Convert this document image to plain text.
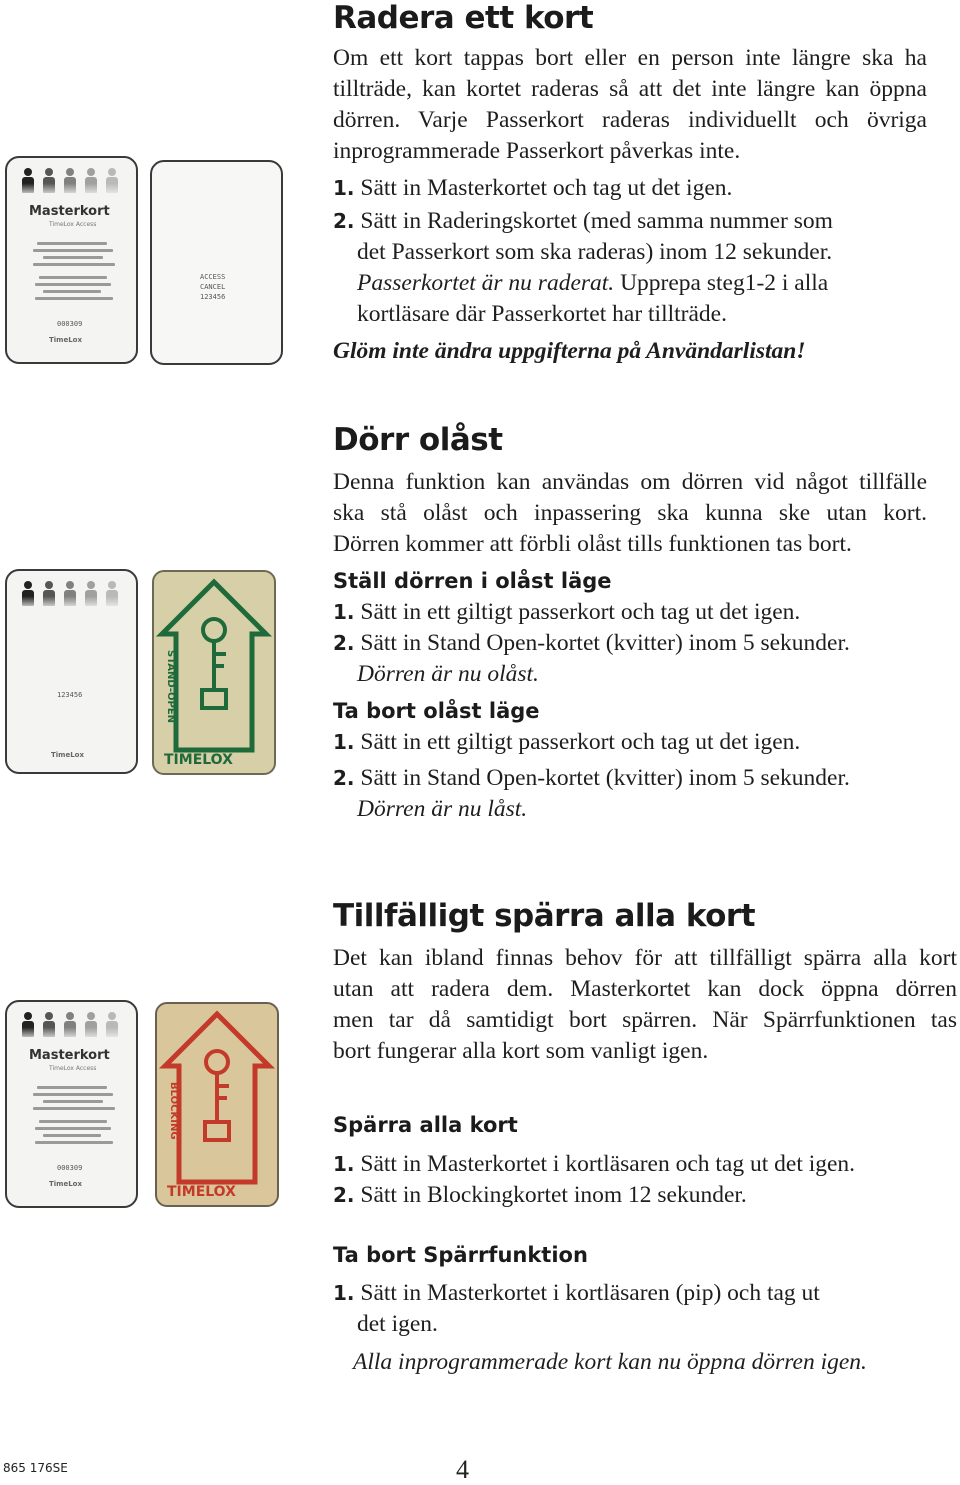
Radera ett kort
Om ett kort tappas bort eller en person inte längre ska ha
tillträde, kan kortet raderas så att det inte längre kan öppna
dörren. Varje Passerkort raderas individuellt och övriga
inprogrammerade Passerkort påverkas inte.
1. Sätt in Masterkortet och tag ut det igen.
2. Sätt in Raderingskortet (med samma nummer som
det Passerkort som ska raderas) inom 12 sekunder.
Passerkortet är nu raderat. Upprepa steg1-2 i alla
kortläsare där Passerkortet har tillträde.
Glöm inte ändra uppgifterna på Användarlistan!
Masterkort
TimeLox Access
000309
TimeLox
ACCESS
CANCEL
123456
Dörr olåst
Denna funktion kan användas om dörren vid något tillfälle
ska stå olåst och inpassering ska kunna ske utan kort.
Dörren kommer att förbli olåst tills funktionen tas bort.
Ställ dörren i olåst läge
1. Sätt in ett giltigt passerkort och tag ut det igen.
2. Sätt in Stand Open-kortet (kvitter) inom 5 sekunder.
Dörren är nu olåst.
Ta bort olåst läge
1. Sätt in ett giltigt passerkort och tag ut det igen.
2. Sätt in Stand Open-kortet (kvitter) inom 5 sekunder.
Dörren är nu låst.
123456
TimeLox
STAND-OPEN
TIMELOX
Tillfälligt spärra alla kort
Det kan ibland finnas behov för att tillfälligt spärra alla kort
utan att radera dem. Masterkortet kan dock öppna dörren
men tar då samtidigt bort spärren. När Spärrfunktionen tas
bort fungerar alla kort som vanligt igen.
Spärra alla kort
1. Sätt in Masterkortet i kortläsaren och tag ut det igen.
2. Sätt in Blockingkortet inom 12 sekunder.
Ta bort Spärrfunktion
1. Sätt in Masterkortet i kortläsaren (pip) och tag ut
det igen.
Alla inprogrammerade kort kan nu öppna dörren igen.
Masterkort
TimeLox Access
000309
TimeLox
BLOCKING
TIMELOX
865 176SE	4
